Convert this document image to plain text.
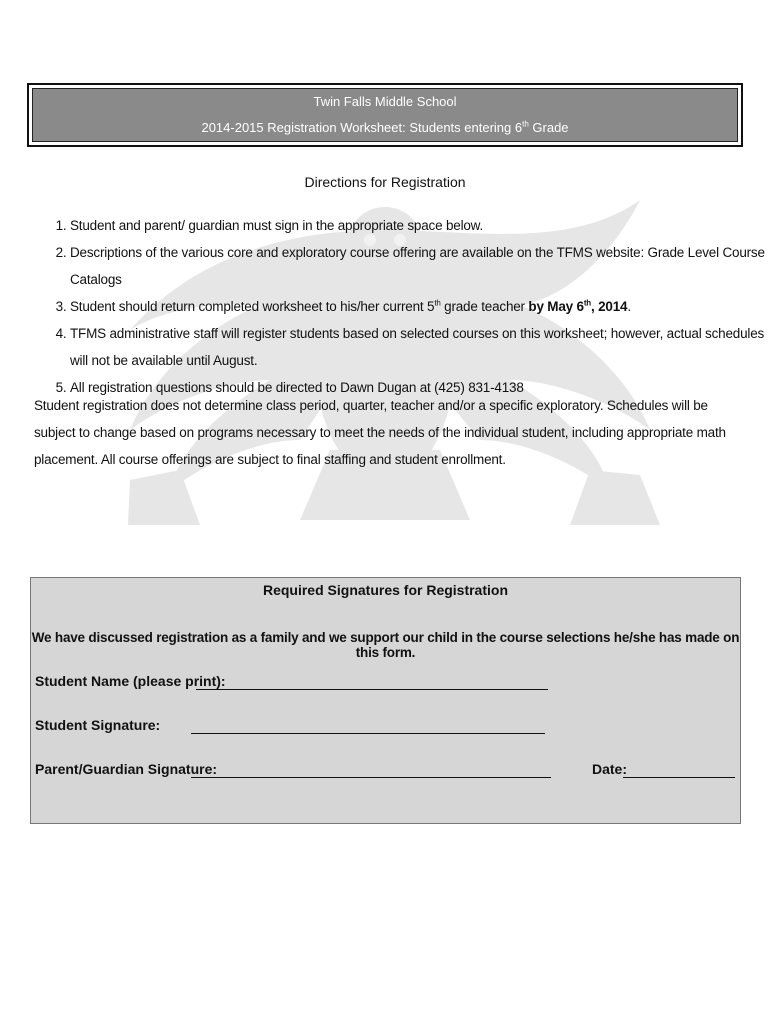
Twin Falls Middle School
2014-2015 Registration Worksheet: Students entering 6th Grade
Directions for Registration
1. Student and parent/ guardian must sign in the appropriate space below.
2. Descriptions of the various core and exploratory course offering are available on the TFMS website: Grade Level Course Catalogs
3. Student should return completed worksheet to his/her current 5th grade teacher by May 6th, 2014.
4. TFMS administrative staff will register students based on selected courses on this worksheet; however, actual schedules will not be available until August.
5. All registration questions should be directed to Dawn Dugan at (425) 831-4138
Student registration does not determine class period, quarter, teacher and/or a specific exploratory. Schedules will be subject to change based on programs necessary to meet the needs of the individual student, including appropriate math placement. All course offerings are subject to final staffing and student enrollment.
Required Signatures for Registration
We have discussed registration as a family and we support our child in the course selections he/she has made on this form.
Student Name (please print):
Student Signature:
Parent/Guardian Signature:	Date:
